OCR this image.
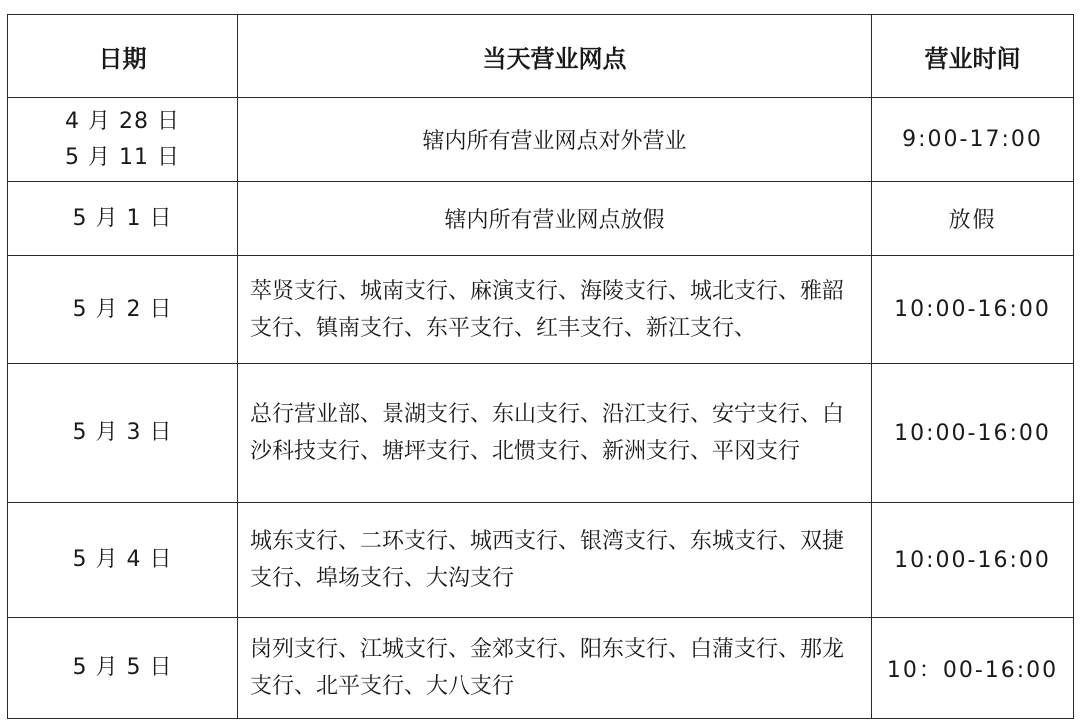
日期	当天营业网点	营业时间

4 月 28 日
5 月 11 日	辖内所有营业网点对外营业	9:00-17:00

5 月 1 日	辖内所有营业网点放假	放假

5 月 2 日	萃贤支行、城南支行、麻演支行、海陵支行、城北支行、雅韶支行、镇南支行、东平支行、红丰支行、新江支行、	10:00-16:00

5 月 3 日	总行营业部、景湖支行、东山支行、沿江支行、安宁支行、白沙科技支行、塘坪支行、北惯支行、新洲支行、平冈支行	10:00-16:00

5 月 4 日	城东支行、二环支行、城西支行、银湾支行、东城支行、双捷支行、埠场支行、大沟支行	10:00-16:00

5 月 5 日	岗列支行、江城支行、金郊支行、阳东支行、白蒲支行、那龙支行、北平支行、大八支行	10：00-16:00
